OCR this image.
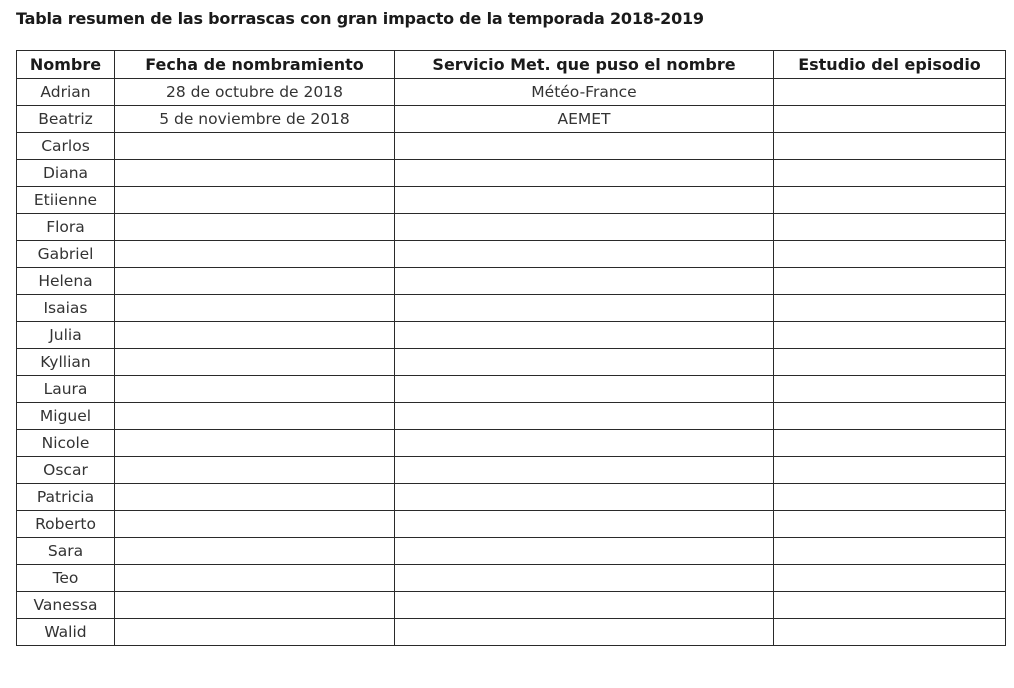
Tabla resumen de las borrascas con gran impacto de la temporada 2018-2019
Nombre	Fecha de nombramiento	Servicio Met. que puso el nombre	Estudio del episodio
Adrian	28 de octubre de 2018	Météo-France	
Beatriz	5 de noviembre de 2018	AEMET	
Carlos			
Diana			
Etiienne			
Flora			
Gabriel			
Helena			
Isaias			
Julia			
Kyllian			
Laura			
Miguel			
Nicole			
Oscar			
Patricia			
Roberto			
Sara			
Teo			
Vanessa			
Walid			
